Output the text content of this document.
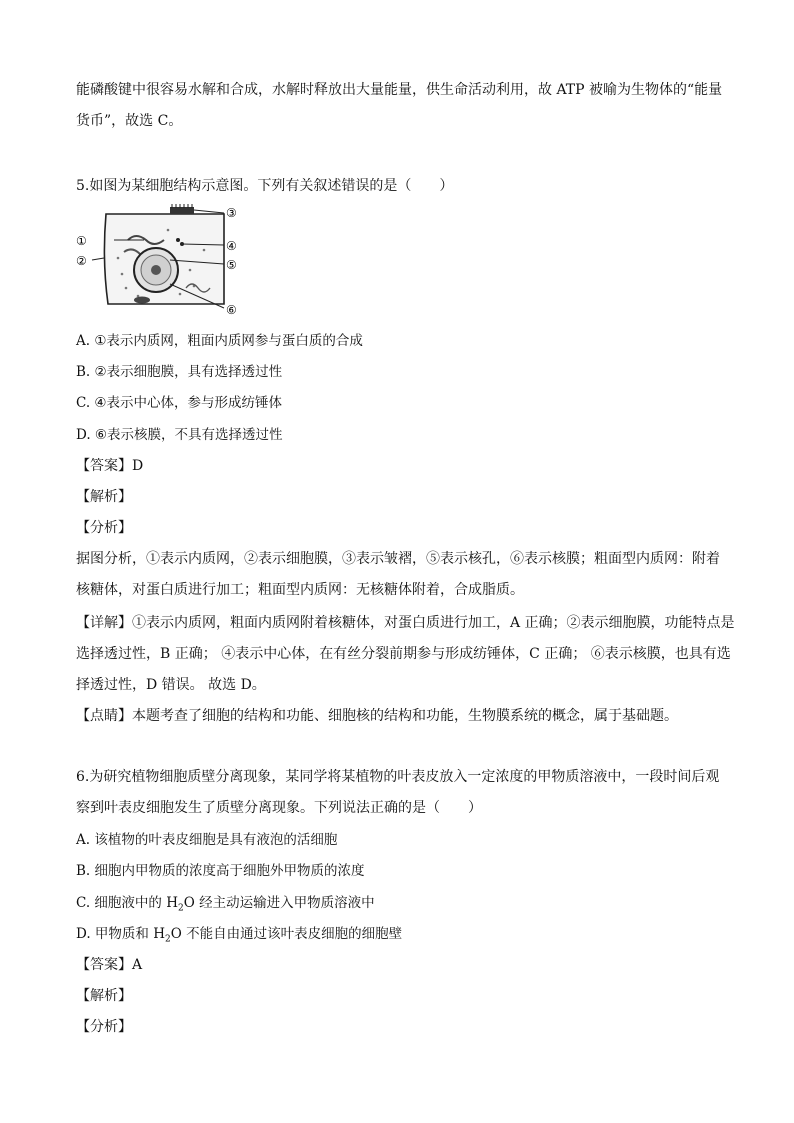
能磷酸键中很容易水解和合成，水解时释放出大量能量，供生命活动利用，故 ATP 被喻为生物体的“能量
货币”，故选 C。
5.如图为某细胞结构示意图。下列有关叙述错误的是（　　）
①
②
③
④
⑤
⑥
A. ①表示内质网，粗面内质网参与蛋白质的合成
B. ②表示细胞膜，具有选择透过性
C. ④表示中心体，参与形成纺锤体
D. ⑥表示核膜，不具有选择透过性
【答案】D
【解析】
【分析】
据图分析，①表示内质网，②表示细胞膜，③表示皱褶，⑤表示核孔，⑥表示核膜；粗面型内质网：附着
核糖体，对蛋白质进行加工；粗面型内质网：无核糖体附着，合成脂质。
【详解】①表示内质网，粗面内质网附着核糖体，对蛋白质进行加工，A 正确；②表示细胞膜，功能特点是
选择透过性，B 正确； ④表示中心体，在有丝分裂前期参与形成纺锤体，C 正确； ⑥表示核膜，也具有选
择透过性，D 错误。 故选 D。
【点睛】本题考查了细胞的结构和功能、细胞核的结构和功能，生物膜系统的概念，属于基础题。
6.为研究植物细胞质壁分离现象，某同学将某植物的叶表皮放入一定浓度的甲物质溶液中，一段时间后观
察到叶表皮细胞发生了质壁分离现象。下列说法正确的是（　　）
A. 该植物的叶表皮细胞是具有液泡的活细胞
B. 细胞内甲物质的浓度高于细胞外甲物质的浓度
C. 细胞液中的 $H_2O$ 经主动运输进入甲物质溶液中
D. 甲物质和 $H_2O$ 不能自由通过该叶表皮细胞的细胞壁
【答案】A
【解析】
【分析】
